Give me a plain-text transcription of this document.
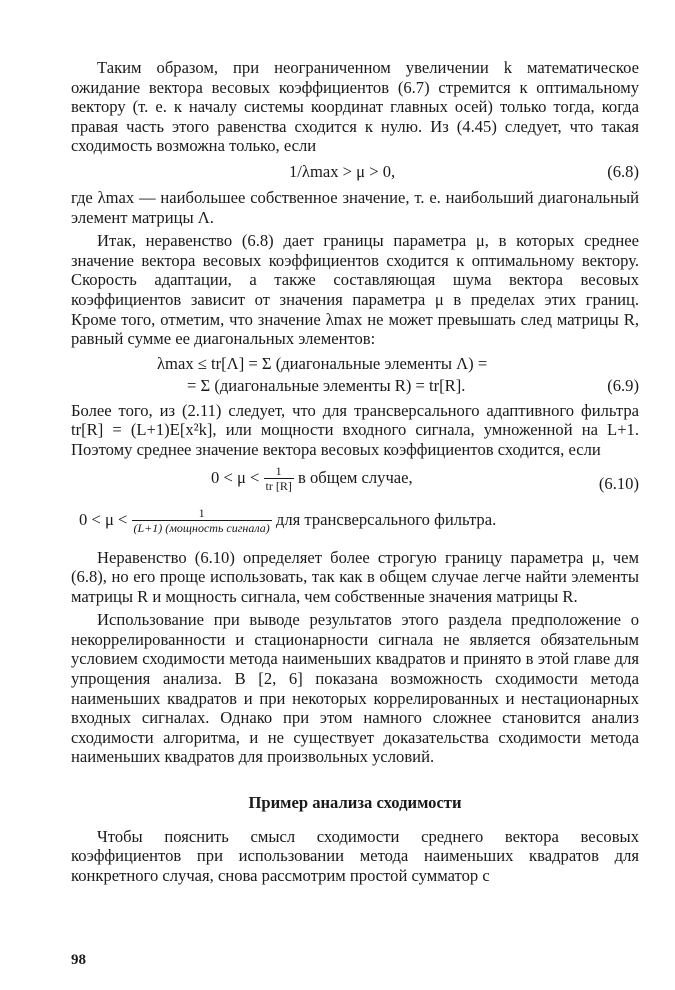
Таким образом, при неограниченном увеличении k математическое ожидание вектора весовых коэффициентов (6.7) стремится к оптимальному вектору (т. е. к началу системы координат главных осей) только тогда, когда правая часть этого равенства сходится к нулю. Из (4.45) следует, что такая сходимость возможна только, если

1/λmax > μ > 0,	(6.8)

где λmax — наибольшее собственное значение, т. е. наибольший диагональный элемент матрицы Λ.

Итак, неравенство (6.8) дает границы параметра μ, в которых среднее значение вектора весовых коэффициентов сходится к оптимальному вектору. Скорость адаптации, а также составляющая шума вектора весовых коэффициентов зависит от значения параметра μ в пределах этих границ. Кроме того, отметим, что значение λmax не может превышать след матрицы R, равный сумме ее диагональных элементов:

λmax ≤ tr[Λ] = Σ (диагональные элементы Λ) =
= Σ (диагональные элементы R) = tr[R].	(6.9)

Более того, из (2.11) следует, что для трансверсального адаптивного фильтра tr[R] = (L+1)E[x²k], или мощности входного сигнала, умноженной на L+1. Поэтому среднее значение вектора весовых коэффициентов сходится, если

$0 < \mu < \frac{1}{tr [R]}$ в общем случае,	(6.10)
$0 < \mu < \frac{1}{\text{(L+1) (мощность сигнала)}}$ для трансверсального фильтра.

Неравенство (6.10) определяет более строгую границу параметра μ, чем (6.8), но его проще использовать, так как в общем случае легче найти элементы матрицы R и мощность сигнала, чем собственные значения матрицы R.

Использование при выводе результатов этого раздела предположение о некоррелированности и стационарности сигнала не является обязательным условием сходимости метода наименьших квадратов и принято в этой главе для упрощения анализа. В [2, 6] показана возможность сходимости метода наименьших квадратов и при некоторых коррелированных и нестационарных входных сигналах. Однако при этом намного сложнее становится анализ сходимости алгоритма, и не существует доказательства сходимости метода наименьших квадратов для произвольных условий.

Пример анализа сходимости

Чтобы пояснить смысл сходимости среднего вектора весовых коэффициентов при использовании метода наименьших квадратов для конкретного случая, снова рассмотрим простой сумматор с

98
